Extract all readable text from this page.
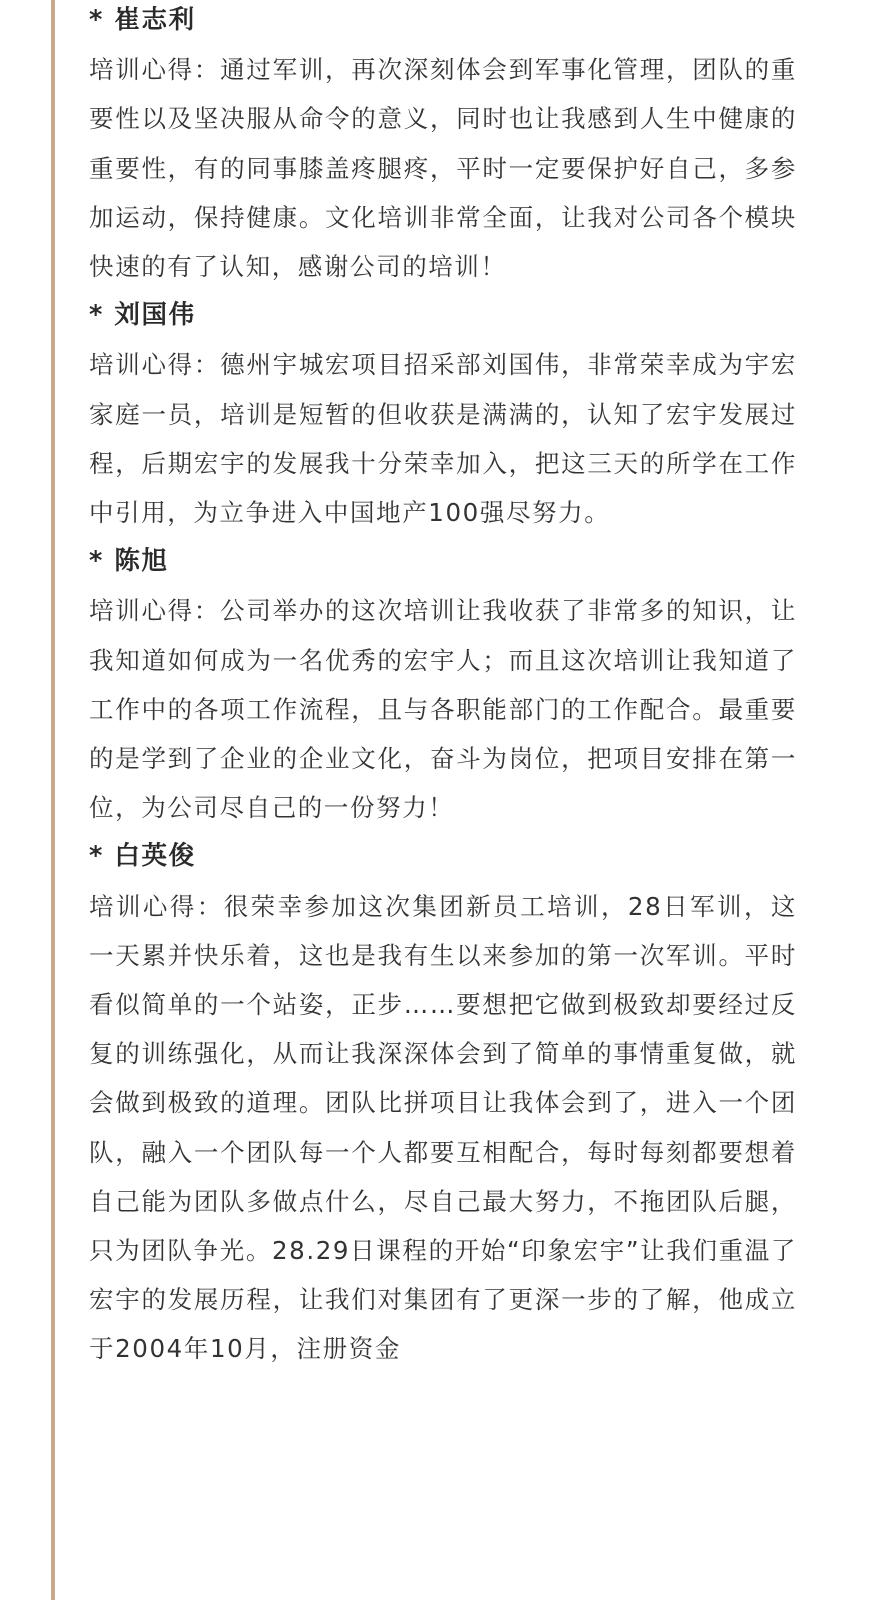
* 崔志利

培训心得：通过军训，再次深刻体会到军事化管理，团队的重要性以及坚决服从命令的意义，同时也让我感到人生中健康的重要性，有的同事膝盖疼腿疼，平时一定要保护好自己，多参加运动，保持健康。文化培训非常全面，让我对公司各个模块快速的有了认知，感谢公司的培训！

* 刘国伟

培训心得：德州宇城宏项目招采部刘国伟，非常荣幸成为宇宏家庭一员，培训是短暂的但收获是满满的，认知了宏宇发展过程，后期宏宇的发展我十分荣幸加入，把这三天的所学在工作中引用，为立争进入中国地产100强尽努力。

* 陈旭

培训心得：公司举办的这次培训让我收获了非常多的知识，让我知道如何成为一名优秀的宏宇人；而且这次培训让我知道了工作中的各项工作流程，且与各职能部门的工作配合。最重要的是学到了企业的企业文化，奋斗为岗位，把项目安排在第一位，为公司尽自己的一份努力！

* 白英俊

培训心得：很荣幸参加这次集团新员工培训，28日军训，这一天累并快乐着，这也是我有生以来参加的第一次军训。平时看似简单的一个站姿，正步……要想把它做到极致却要经过反复的训练强化，从而让我深深体会到了简单的事情重复做，就会做到极致的道理。团队比拼项目让我体会到了，进入一个团队，融入一个团队每一个人都要互相配合，每时每刻都要想着自己能为团队多做点什么，尽自己最大努力，不拖团队后腿，只为团队争光。28.29日课程的开始“印象宏宇”让我们重温了宏宇的发展历程，让我们对集团有了更深一步的了解，他成立于2004年10月，注册资金
